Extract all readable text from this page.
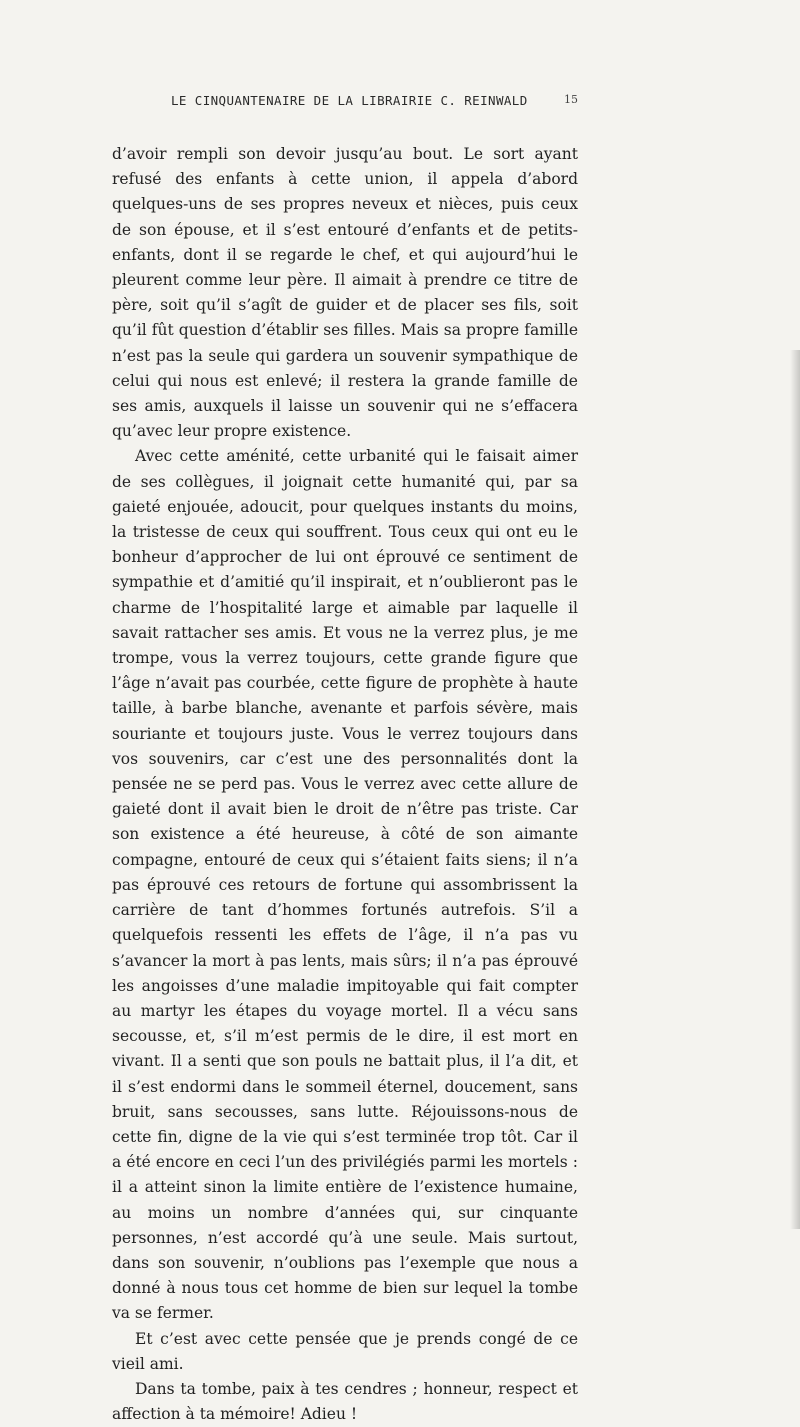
LE CINQUANTENAIRE DE LA LIBRAIRIE C. REINWALD	15

d’avoir rempli son devoir jusqu’au bout. Le sort ayant refusé des enfants à cette union, il appela d’abord quelques-uns de ses propres neveux et nièces, puis ceux de son épouse, et il s’est entouré d’enfants et de petits-enfants, dont il se regarde le chef, et qui aujourd’hui le pleurent comme leur père. Il aimait à prendre ce titre de père, soit qu’il s’agît de guider et de placer ses fils, soit qu’il fût question d’établir ses filles. Mais sa propre famille n’est pas la seule qui gardera un souvenir sympathique de celui qui nous est enlevé; il restera la grande famille de ses amis, auxquels il laisse un souvenir qui ne s’effacera qu’avec leur propre existence.

Avec cette aménité, cette urbanité qui le faisait aimer de ses collègues, il joignait cette humanité qui, par sa gaieté enjouée, adoucit, pour quelques instants du moins, la tristesse de ceux qui souffrent. Tous ceux qui ont eu le bonheur d’approcher de lui ont éprouvé ce sentiment de sympathie et d’amitié qu’il inspirait, et n’oublieront pas le charme de l’hospitalité large et aimable par laquelle il savait rattacher ses amis. Et vous ne la verrez plus, je me trompe, vous la verrez toujours, cette grande figure que l’âge n’avait pas courbée, cette figure de prophète à haute taille, à barbe blanche, avenante et parfois sévère, mais souriante et toujours juste. Vous le verrez toujours dans vos souvenirs, car c’est une des personnalités dont la pensée ne se perd pas. Vous le verrez avec cette allure de gaieté dont il avait bien le droit de n’être pas triste. Car son existence a été heureuse, à côté de son aimante compagne, entouré de ceux qui s’étaient faits siens; il n’a pas éprouvé ces retours de fortune qui assombrissent la carrière de tant d’hommes fortunés autrefois. S’il a quelquefois ressenti les effets de l’âge, il n’a pas vu s’avancer la mort à pas lents, mais sûrs; il n’a pas éprouvé les angoisses d’une maladie impitoyable qui fait compter au martyr les étapes du voyage mortel. Il a vécu sans secousse, et, s’il m’est permis de le dire, il est mort en vivant. Il a senti que son pouls ne battait plus, il l’a dit, et il s’est endormi dans le sommeil éternel, doucement, sans bruit, sans secousses, sans lutte. Réjouissons-nous de cette fin, digne de la vie qui s’est terminée trop tôt. Car il a été encore en ceci l’un des privilégiés parmi les mortels : il a atteint sinon la limite entière de l’existence humaine, au moins un nombre d’années qui, sur cinquante personnes, n’est accordé qu’à une seule. Mais surtout, dans son souvenir, n’oublions pas l’exemple que nous a donné à nous tous cet homme de bien sur lequel la tombe va se fermer.

Et c’est avec cette pensée que je prends congé de ce vieil ami.

Dans ta tombe, paix à tes cendres ; honneur, respect et affection à ta mémoire! Adieu !
